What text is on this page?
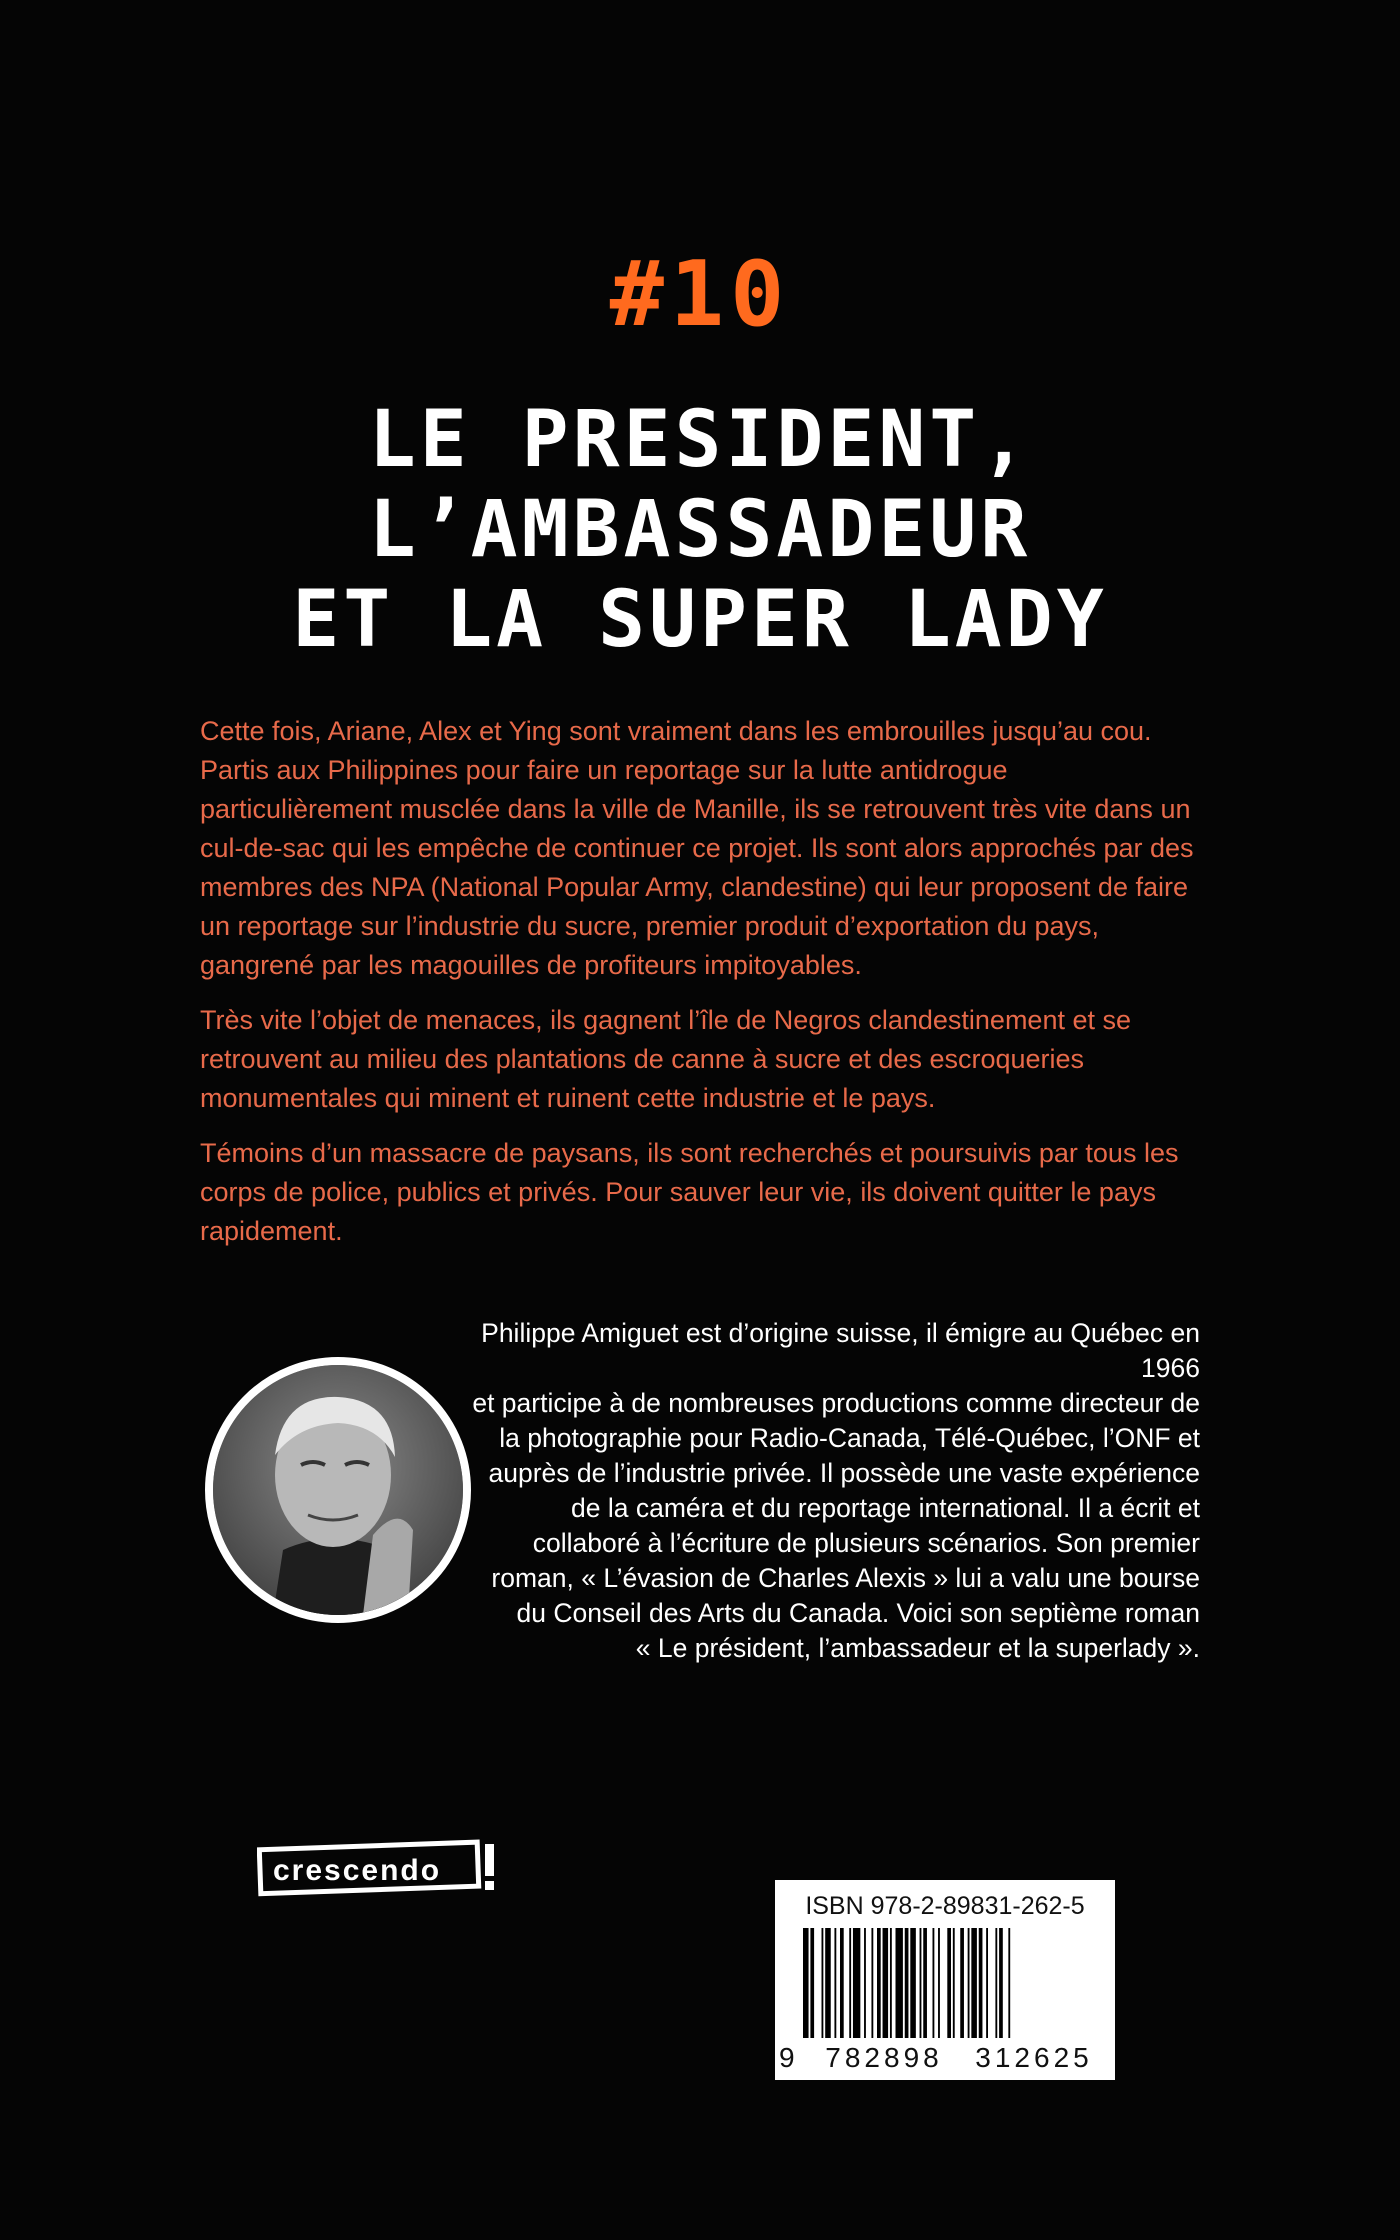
#10
LE PRESIDENT,
L’AMBASSADEUR
ET LA SUPER LADY

Cette fois, Ariane, Alex et Ying sont vraiment dans les embrouilles jusqu’au cou. Partis aux Philippines pour faire un reportage sur la lutte antidrogue particulièrement musclée dans la ville de Manille, ils se retrouvent très vite dans un cul-de-sac qui les empêche de continuer ce projet. Ils sont alors approchés par des membres des NPA (National Popular Army, clandestine) qui leur proposent de faire un reportage sur l’industrie du sucre, premier produit d’exportation du pays, gangrené par les magouilles de profiteurs impitoyables.

Très vite l’objet de menaces, ils gagnent l’île de Negros clandestinement et se retrouvent au milieu des plantations de canne à sucre et des escroqueries monumentales qui minent et ruinent cette industrie et le pays.

Témoins d’un massacre de paysans, ils sont recherchés et poursuivis par tous les corps de police, publics et privés. Pour sauver leur vie, ils doivent quitter le pays rapidement.

Philippe Amiguet est d’origine suisse, il émigre au Québec en 1966
et participe à de nombreuses productions comme directeur de
la photographie pour Radio-Canada, Télé-Québec, l’ONF et
auprès de l’industrie privée. Il possède une vaste expérience
de la caméra et du reportage international. Il a écrit et
collaboré à l’écriture de plusieurs scénarios. Son premier
roman, « L’évasion de Charles Alexis » lui a valu une bourse
du Conseil des Arts du Canada. Voici son septième roman
« Le président, l’ambassadeur et la superlady ».
crescendo
ISBN 978-2-89831-262-5
9	782898	312625
